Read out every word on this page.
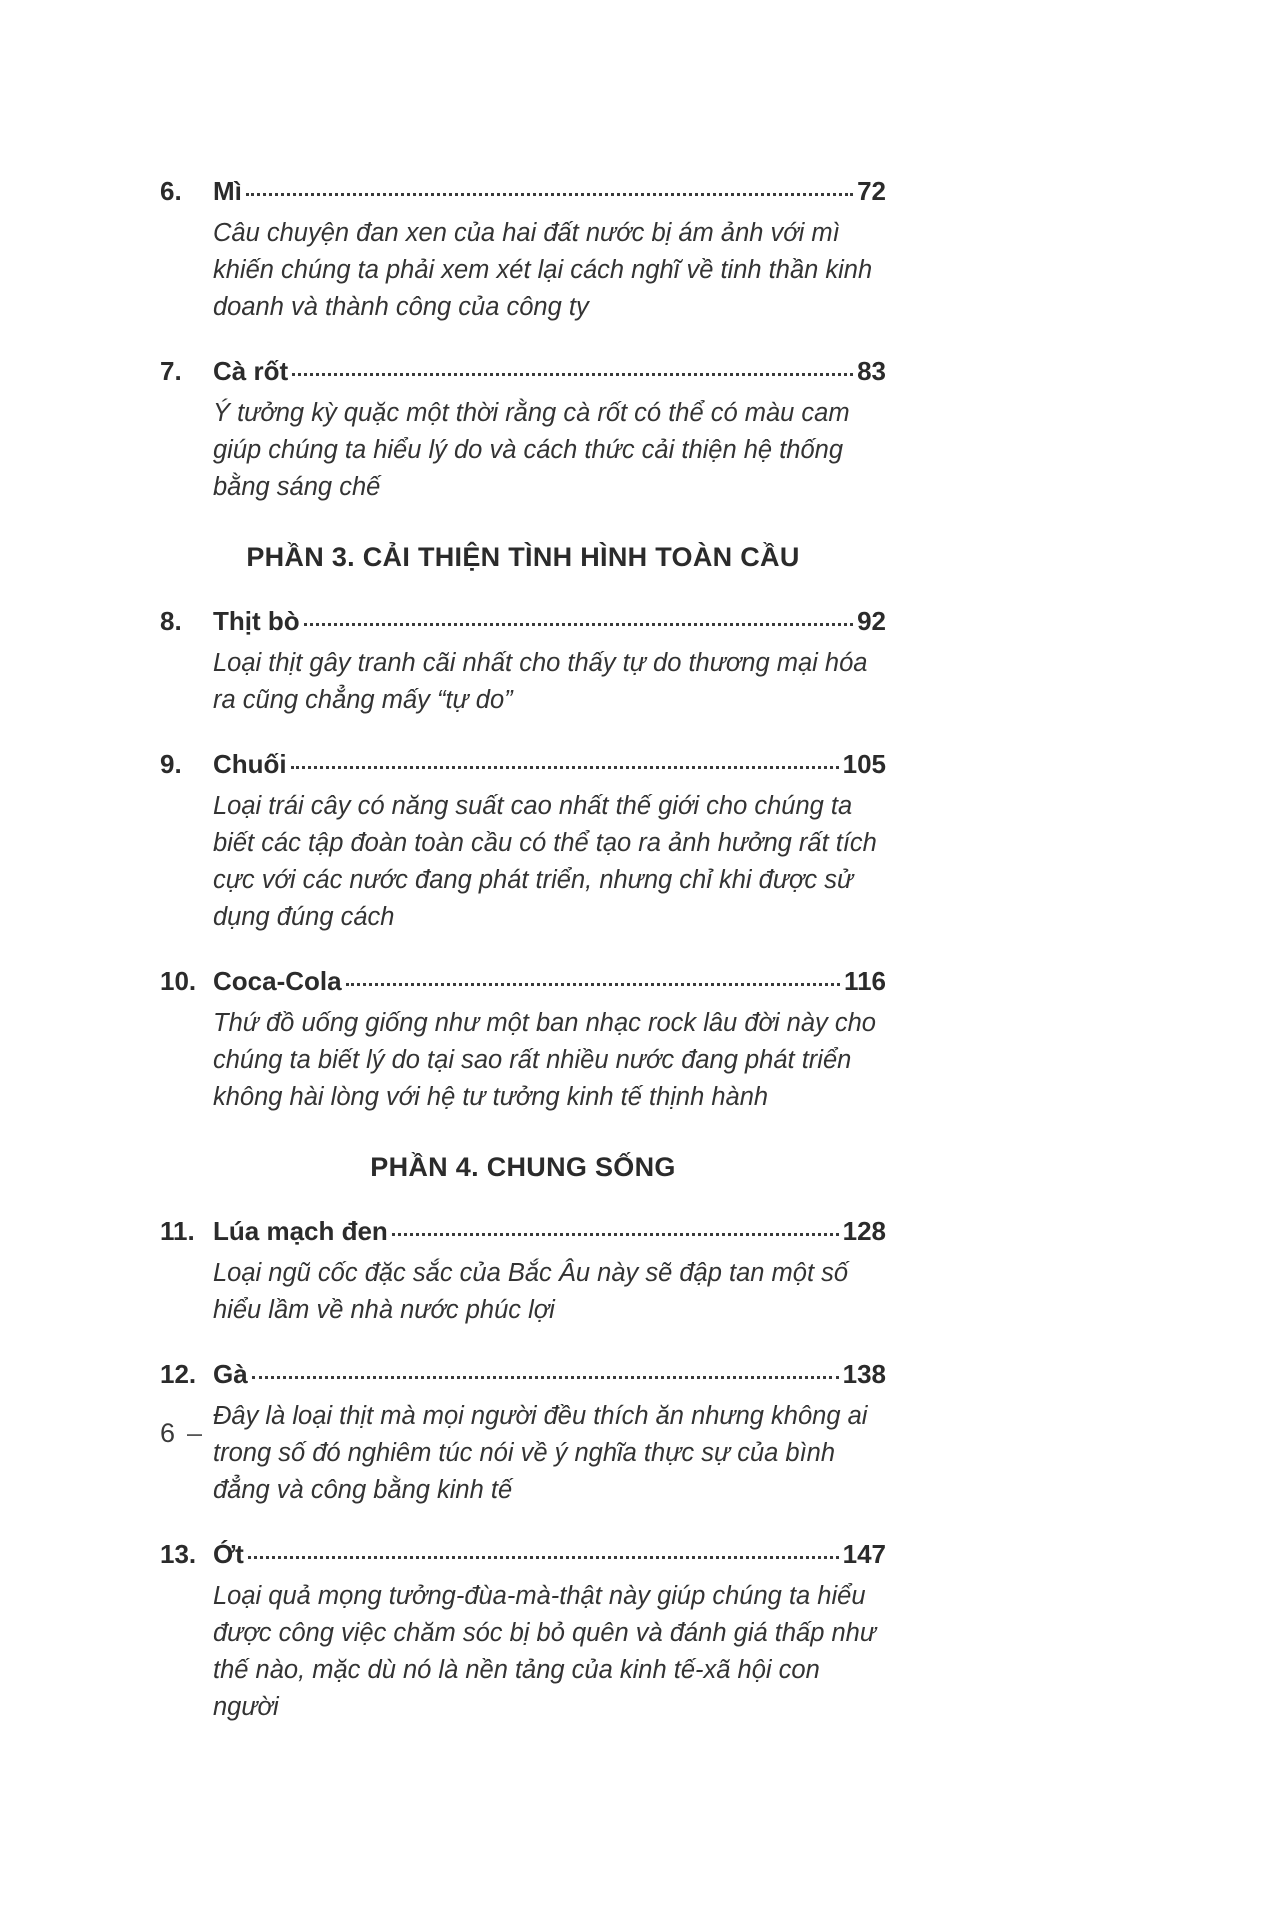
6.	Mì	72
Câu chuyện đan xen của hai đất nước bị ám ảnh với mì khiến chúng ta phải xem xét lại cách nghĩ về tinh thần kinh doanh và thành công của công ty
7.	Cà rốt	83
Ý tưởng kỳ quặc một thời rằng cà rốt có thể có màu cam giúp chúng ta hiểu lý do và cách thức cải thiện hệ thống bằng sáng chế
PHẦN 3. CẢI THIỆN TÌNH HÌNH TOÀN CẦU
8.	Thịt bò	92
Loại thịt gây tranh cãi nhất cho thấy tự do thương mại hóa ra cũng chẳng mấy “tự do”
9.	Chuối	105
Loại trái cây có năng suất cao nhất thế giới cho chúng ta biết các tập đoàn toàn cầu có thể tạo ra ảnh hưởng rất tích cực với các nước đang phát triển, nhưng chỉ khi được sử dụng đúng cách
10. Coca-Cola	116
Thứ đồ uống giống như một ban nhạc rock lâu đời này cho chúng ta biết lý do tại sao rất nhiều nước đang phát triển không hài lòng với hệ tư tưởng kinh tế thịnh hành
PHẦN 4. CHUNG SỐNG
11. Lúa mạch đen	128
Loại ngũ cốc đặc sắc của Bắc Âu này sẽ đập tan một số hiểu lầm về nhà nước phúc lợi
12. Gà	138
Đây là loại thịt mà mọi người đều thích ăn nhưng không ai trong số đó nghiêm túc nói về ý nghĩa thực sự của bình đẳng và công bằng kinh tế
13. Ớt	147
Loại quả mọng tưởng-đùa-mà-thật này giúp chúng ta hiểu được công việc chăm sóc bị bỏ quên và đánh giá thấp như thế nào, mặc dù nó là nền tảng của kinh tế-xã hội con người
6 –
